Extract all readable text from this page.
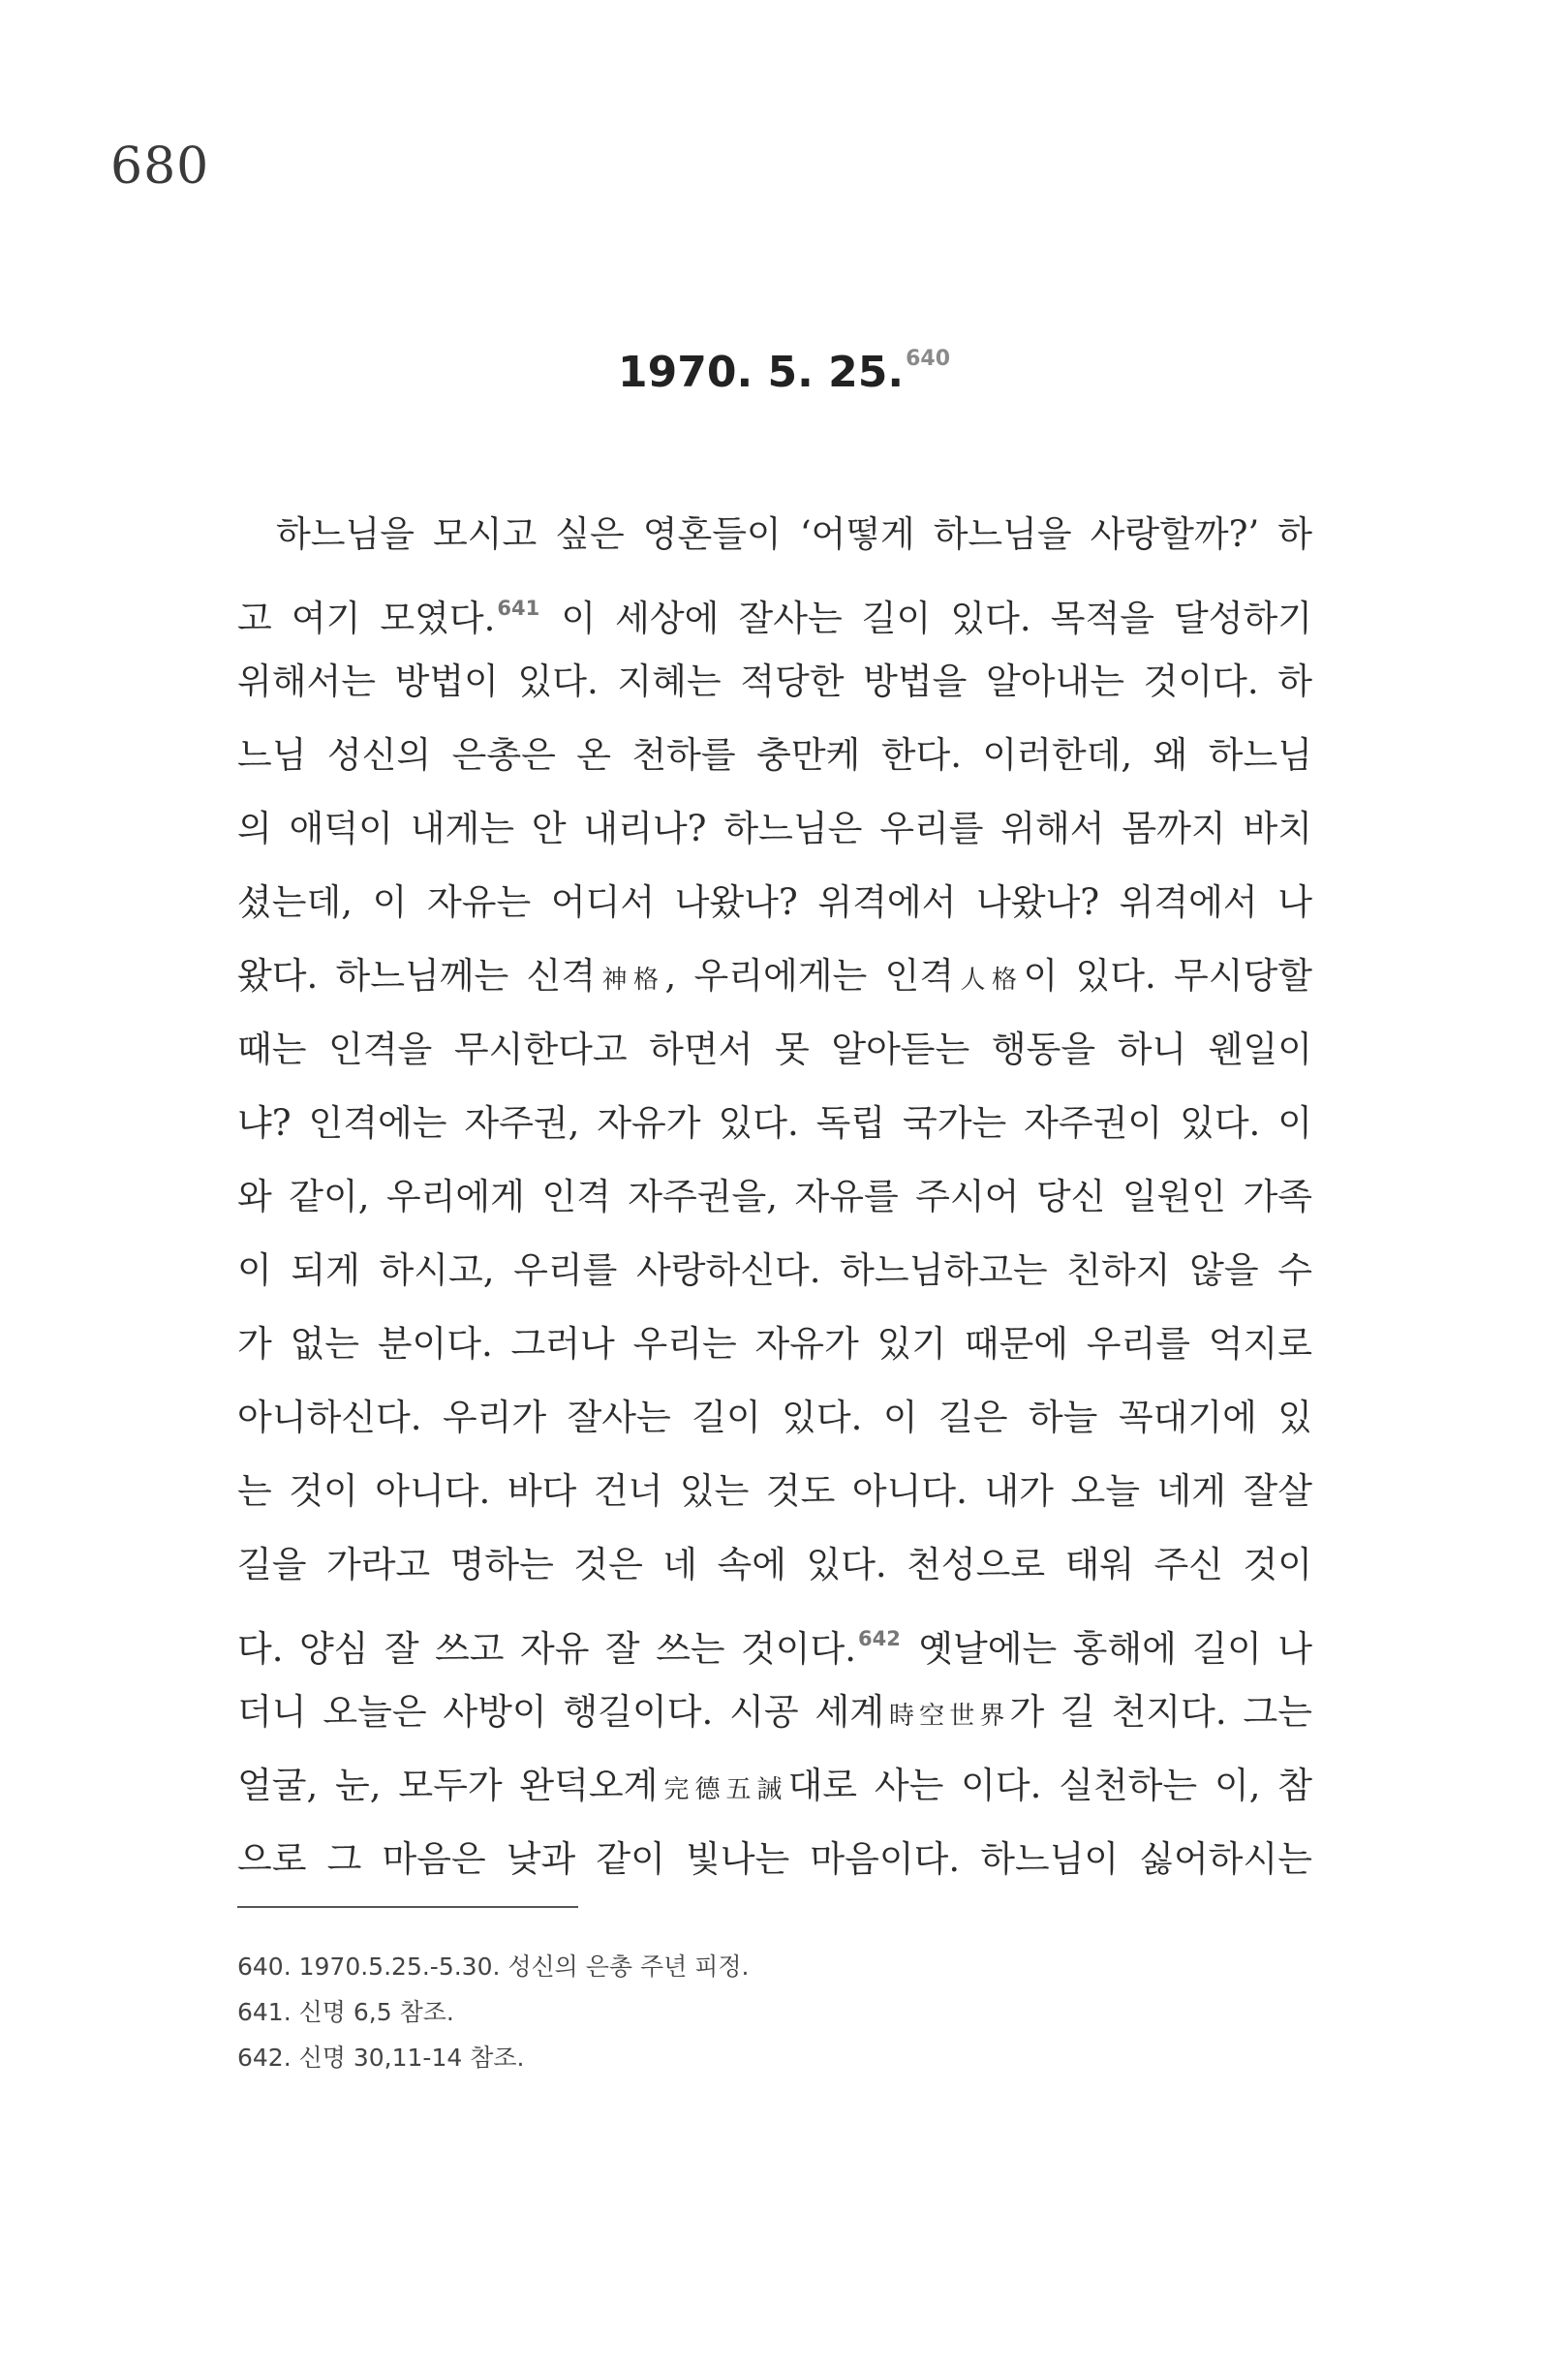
680
1970. 5. 25.$^{640}$
하느님을 모시고 싶은 영혼들이 ‘어떻게 하느님을 사랑할까?’ 하
고 여기 모였다.$^{641}$ 이 세상에 잘사는 길이 있다. 목적을 달성하기
위해서는 방법이 있다. 지혜는 적당한 방법을 알아내는 것이다. 하
느님 성신의 은총은 온 천하를 충만케 한다. 이러한데, 왜 하느님
의 애덕이 내게는 안 내리나? 하느님은 우리를 위해서 몸까지 바치
셨는데, 이 자유는 어디서 나왔나? 위격에서 나왔나? 위격에서 나
왔다. 하느님께는 신격神格, 우리에게는 인격人格이 있다. 무시당할
때는 인격을 무시한다고 하면서 못 알아듣는 행동을 하니 웬일이
냐? 인격에는 자주권, 자유가 있다. 독립 국가는 자주권이 있다. 이
와 같이, 우리에게 인격 자주권을, 자유를 주시어 당신 일원인 가족
이 되게 하시고, 우리를 사랑하신다. 하느님하고는 친하지 않을 수
가 없는 분이다. 그러나 우리는 자유가 있기 때문에 우리를 억지로
아니하신다. 우리가 잘사는 길이 있다. 이 길은 하늘 꼭대기에 있
는 것이 아니다. 바다 건너 있는 것도 아니다. 내가 오늘 네게 잘살
길을 가라고 명하는 것은 네 속에 있다. 천성으로 태워 주신 것이
다. 양심 잘 쓰고 자유 잘 쓰는 것이다.$^{642}$ 옛날에는 홍해에 길이 나
더니 오늘은 사방이 행길이다. 시공 세계時空世界가 길 천지다. 그는
얼굴, 눈, 모두가 완덕오계完德五誡대로 사는 이다. 실천하는 이, 참
으로 그 마음은 낮과 같이 빛나는 마음이다. 하느님이 싫어하시는
640. 1970.5.25.-5.30. 성신의 은총 주년 피정.
641. 신명 6,5 참조.
642. 신명 30,11-14 참조.
